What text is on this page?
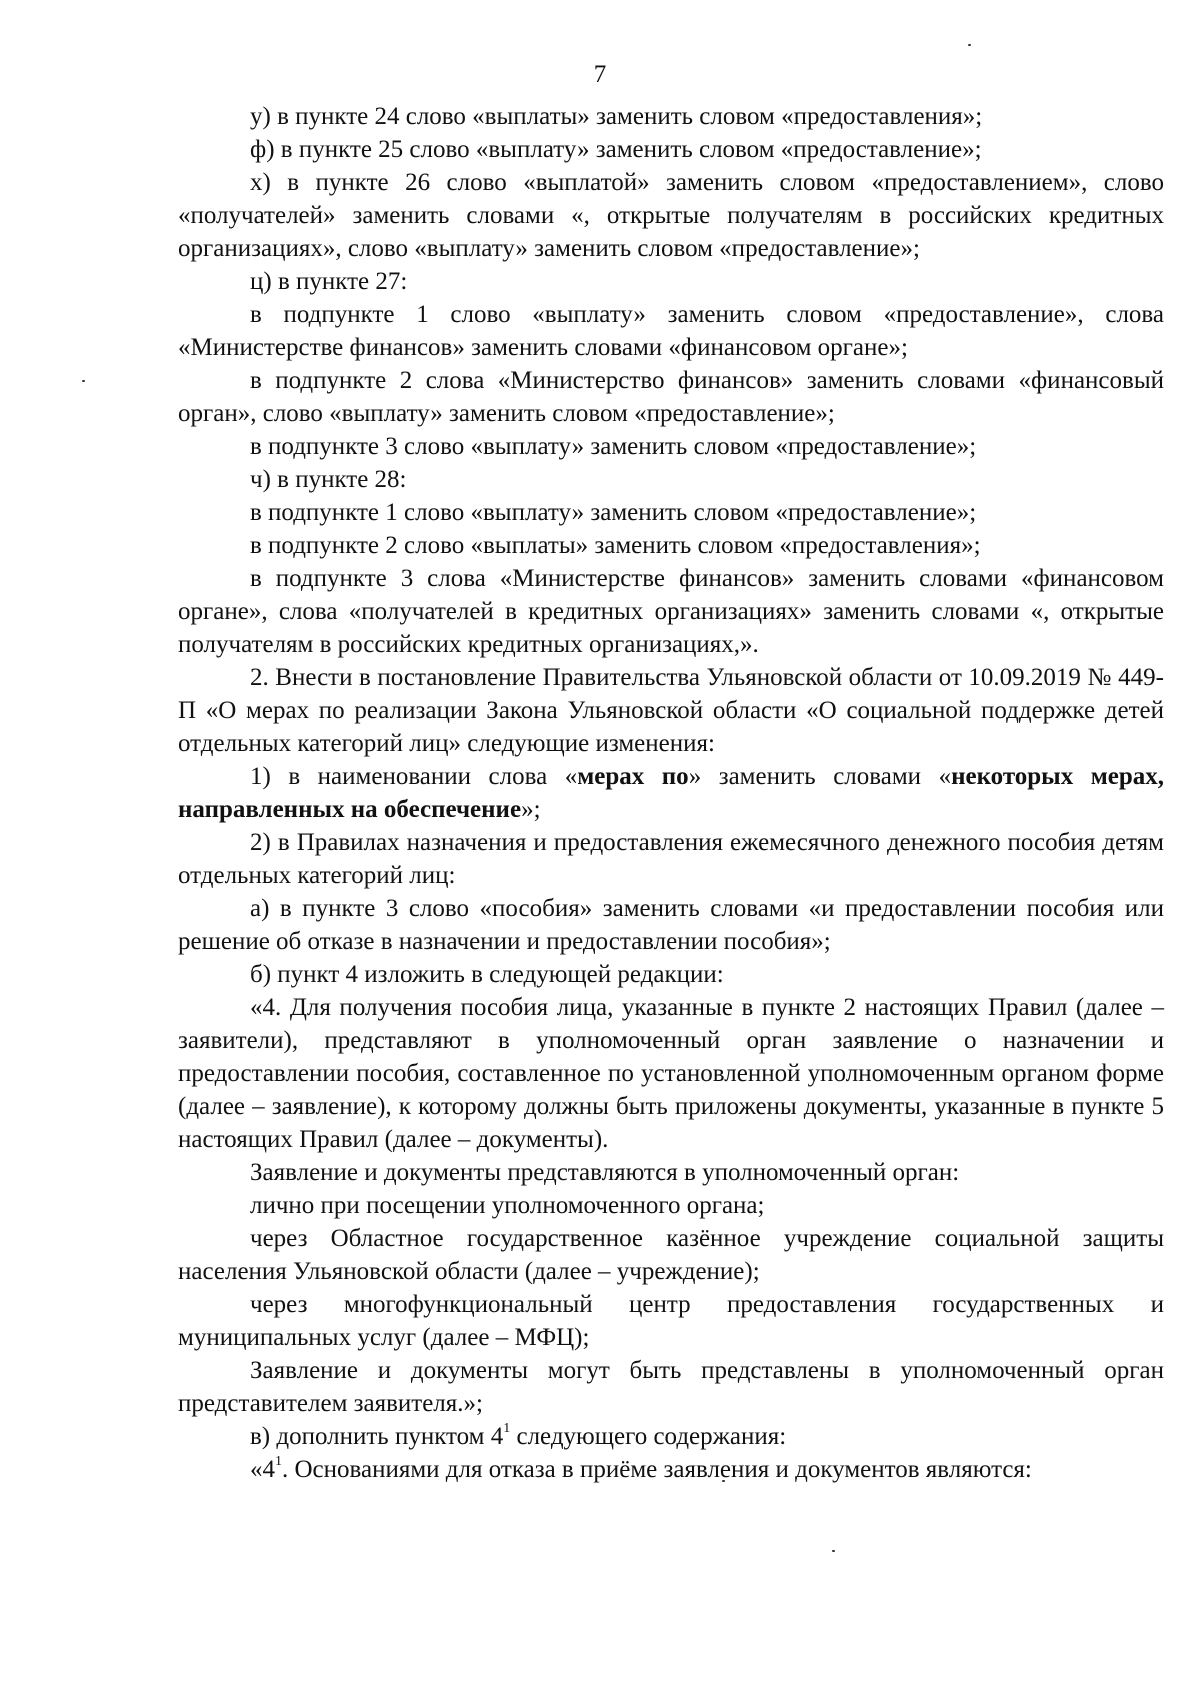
7

у) в пункте 24 слово «выплаты» заменить словом «предоставления»;

ф) в пункте 25 слово «выплату» заменить словом «предоставление»;

х) в пункте 26 слово «выплатой» заменить словом «предоставлением», слово «получателей» заменить словами «, открытые получателям в российских кредитных организациях», слово «выплату» заменить словом «предоставление»;

ц) в пункте 27:

в подпункте 1 слово «выплату» заменить словом «предоставление», слова «Министерстве финансов» заменить словами «финансовом органе»;

в подпункте 2 слова «Министерство финансов» заменить словами «финансовый орган», слово «выплату» заменить словом «предоставление»;

в подпункте 3 слово «выплату» заменить словом «предоставление»;

ч) в пункте 28:

в подпункте 1 слово «выплату» заменить словом «предоставление»;

в подпункте 2 слово «выплаты» заменить словом «предоставления»;

в подпункте 3 слова «Министерстве финансов» заменить словами «финансовом органе», слова «получателей в кредитных организациях» заменить словами «, открытые получателям в российских кредитных организациях,».

2. Внести в постановление Правительства Ульяновской области от 10.09.2019 № 449-П «О мерах по реализации Закона Ульяновской области «О социальной поддержке детей отдельных категорий лиц» следующие изменения:

1) в наименовании слова «мерах по» заменить словами «некоторых мерах, направленных на обеспечение»;

2) в Правилах назначения и предоставления ежемесячного денежного пособия детям отдельных категорий лиц:

а) в пункте 3 слово «пособия» заменить словами «и предоставлении пособия или решение об отказе в назначении и предоставлении пособия»;

б) пункт 4 изложить в следующей редакции:

«4. Для получения пособия лица, указанные в пункте 2 настоящих Правил (далее – заявители), представляют в уполномоченный орган заявление о назначении и предоставлении пособия, составленное по установленной уполномоченным органом форме (далее – заявление), к которому должны быть приложены документы, указанные в пункте 5 настоящих Правил (далее – документы).

Заявление и документы представляются в уполномоченный орган:

лично при посещении уполномоченного органа;

через Областное государственное казённое учреждение социальной защиты населения Ульяновской области (далее – учреждение);

через многофункциональный центр предоставления государственных и муниципальных услуг (далее – МФЦ);

Заявление и документы могут быть представлены в уполномоченный орган представителем заявителя.»;

в) дополнить пунктом $4^1$ следующего содержания:

«$4^1$. Основаниями для отказа в приёме заявления и документов являются:
